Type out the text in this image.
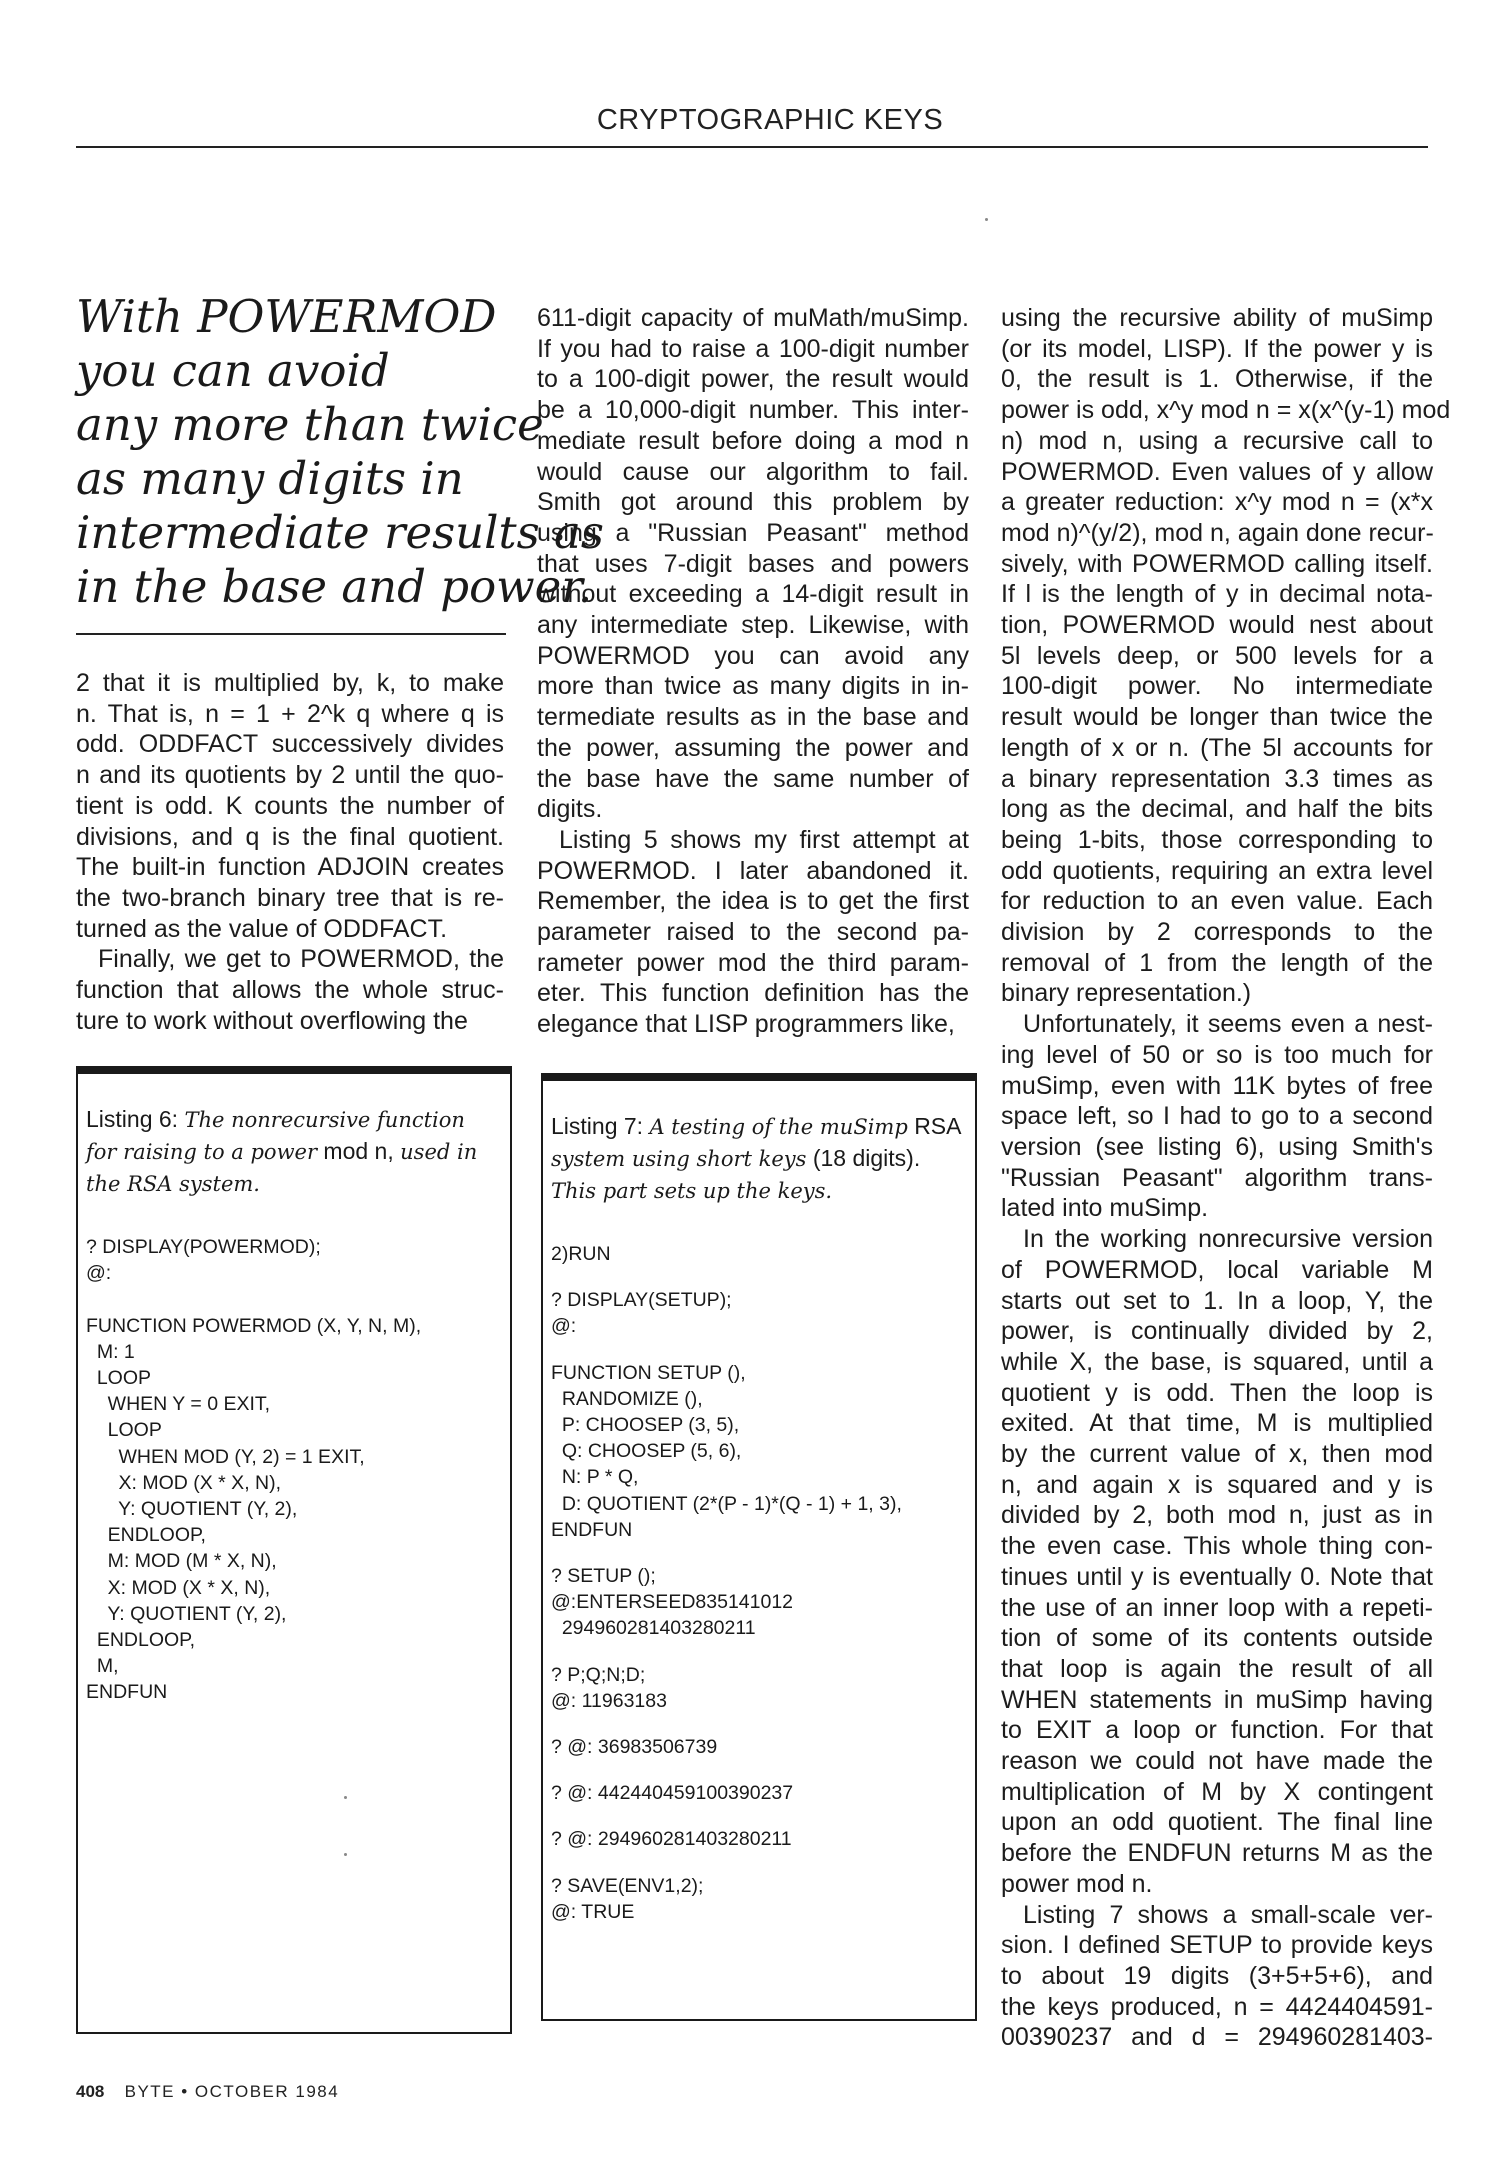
CRYPTOGRAPHIC KEYS
With POWERMOD
you can avoid
any more than twice
as many digits in
intermediate results as
in the base and power.
2 that it is multiplied by, k, to make
n. That is, n = 1 + 2^k q where q is
odd. ODDFACT successively divides
n and its quotients by 2 until the quo-
tient is odd. K counts the number of
divisions, and q is the final quotient.
The built-in function ADJOIN creates
the two-branch binary tree that is re-
turned as the value of ODDFACT.
Finally, we get to POWERMOD, the
function that allows the whole struc-
ture to work without overflowing the
611-digit capacity of muMath/muSimp.
If you had to raise a 100-digit number
to a 100-digit power, the result would
be a 10,000-digit number. This inter-
mediate result before doing a mod n
would cause our algorithm to fail.
Smith got around this problem by
using a "Russian Peasant" method
that uses 7-digit bases and powers
without exceeding a 14-digit result in
any intermediate step. Likewise, with
POWERMOD you can avoid any
more than twice as many digits in in-
termediate results as in the base and
the power, assuming the power and
the base have the same number of
digits.
Listing 5 shows my first attempt at
POWERMOD. I later abandoned it.
Remember, the idea is to get the first
parameter raised to the second pa-
rameter power mod the third param-
eter. This function definition has the
elegance that LISP programmers like,
using the recursive ability of muSimp
(or its model, LISP). If the power y is
0, the result is 1. Otherwise, if the
power is odd, x^y mod n = x(x^(y-1) mod
n) mod n, using a recursive call to
POWERMOD. Even values of y allow
a greater reduction: x^y mod n = (x*x
mod n)^(y/2), mod n, again done recur-
sively, with POWERMOD calling itself.
If l is the length of y in decimal nota-
tion, POWERMOD would nest about
5l levels deep, or 500 levels for a
100-digit power. No intermediate
result would be longer than twice the
length of x or n. (The 5l accounts for
a binary representation 3.3 times as
long as the decimal, and half the bits
being 1-bits, those corresponding to
odd quotients, requiring an extra level
for reduction to an even value. Each
division by 2 corresponds to the
removal of 1 from the length of the
binary representation.)
Unfortunately, it seems even a nest-
ing level of 50 or so is too much for
muSimp, even with 11K bytes of free
space left, so I had to go to a second
version (see listing 6), using Smith's
"Russian Peasant" algorithm trans-
lated into muSimp.
In the working nonrecursive version
of POWERMOD, local variable M
starts out set to 1. In a loop, Y, the
power, is continually divided by 2,
while X, the base, is squared, until a
quotient y is odd. Then the loop is
exited. At that time, M is multiplied
by the current value of x, then mod
n, and again x is squared and y is
divided by 2, both mod n, just as in
the even case. This whole thing con-
tinues until y is eventually 0. Note that
the use of an inner loop with a repeti-
tion of some of its contents outside
that loop is again the result of all
WHEN statements in muSimp having
to EXIT a loop or function. For that
reason we could not have made the
multiplication of M by X contingent
upon an odd quotient. The final line
before the ENDFUN returns M as the
power mod n.
Listing 7 shows a small-scale ver-
sion. I defined SETUP to provide keys
to about 19 digits (3+5+5+6), and
the keys produced, n = 4424404591-
00390237 and d = 294960281403-
Listing 6: The nonrecursive function for raising to a power mod n, used in the RSA system.
? DISPLAY(POWERMOD);
@:
FUNCTION POWERMOD (X, Y, N, M),
M: 1
LOOP
WHEN Y = 0 EXIT,
LOOP
WHEN MOD (Y, 2) = 1 EXIT,
X: MOD (X * X, N),
Y: QUOTIENT (Y, 2),
ENDLOOP,
M: MOD (M * X, N),
X: MOD (X * X, N),
Y: QUOTIENT (Y, 2),
ENDLOOP,
M,
ENDFUN
Listing 7: A testing of the muSimp RSA system using short keys (18 digits). This part sets up the keys.
2)RUN
? DISPLAY(SETUP);
@:
FUNCTION SETUP (),
RANDOMIZE (),
P: CHOOSEP (3, 5),
Q: CHOOSEP (5, 6),
N: P * Q,
D: QUOTIENT (2*(P - 1)*(Q - 1) + 1, 3),
ENDFUN
? SETUP ();
@:ENTERSEED835141012
294960281403280211
? P;Q;N;D;
@: 11963183
? @: 36983506739
? @: 442440459100390237
? @: 294960281403280211
? SAVE(ENV1,2);
@: TRUE
408 BYTE • OCTOBER 1984
